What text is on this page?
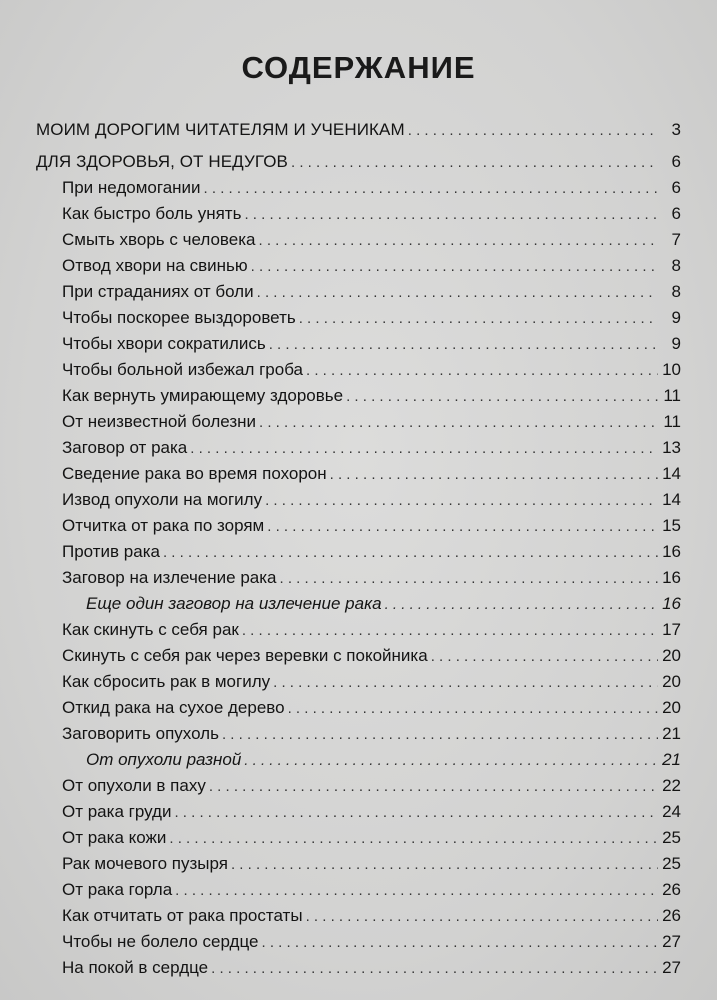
СОДЕРЖАНИЕ
МОИМ ДОРОГИМ ЧИТАТЕЛЯМ И УЧЕНИКАМ . . .	3
ДЛЯ ЗДОРОВЬЯ, ОТ НЕДУГОВ . . .	6
При недомогании . . .	6
Как быстро боль унять . . .	6
Смыть хворь с человека . . .	7
Отвод хвори на свинью . . .	8
При страданиях от боли . . .	8
Чтобы поскорее выздороветь . . .	9
Чтобы хвори сократились . . .	9
Чтобы больной избежал гроба . . .	10
Как вернуть умирающему здоровье . . .	11
От неизвестной болезни . . .	11
Заговор от рака . . .	13
Сведение рака во время похорон . . .	14
Извод опухоли на могилу . . .	14
Отчитка от рака по зорям . . .	15
Против рака . . .	16
Заговор на излечение рака . . .	16
Еще один заговор на излечение рака . . .	16
Как скинуть с себя рак . . .	17
Скинуть с себя рак через веревки с покойника . . .	20
Как сбросить рак в могилу . . .	20
Откид рака на сухое дерево . . .	20
Заговорить опухоль . . .	21
От опухоли разной . . .	21
От опухоли в паху . . .	22
От рака груди . . .	24
От рака кожи . . .	25
Рак мочевого пузыря . . .	25
От рака горла . . .	26
Как отчитать от рака простаты . . .	26
Чтобы не болело сердце . . .	27
На покой в сердце . . .	27
